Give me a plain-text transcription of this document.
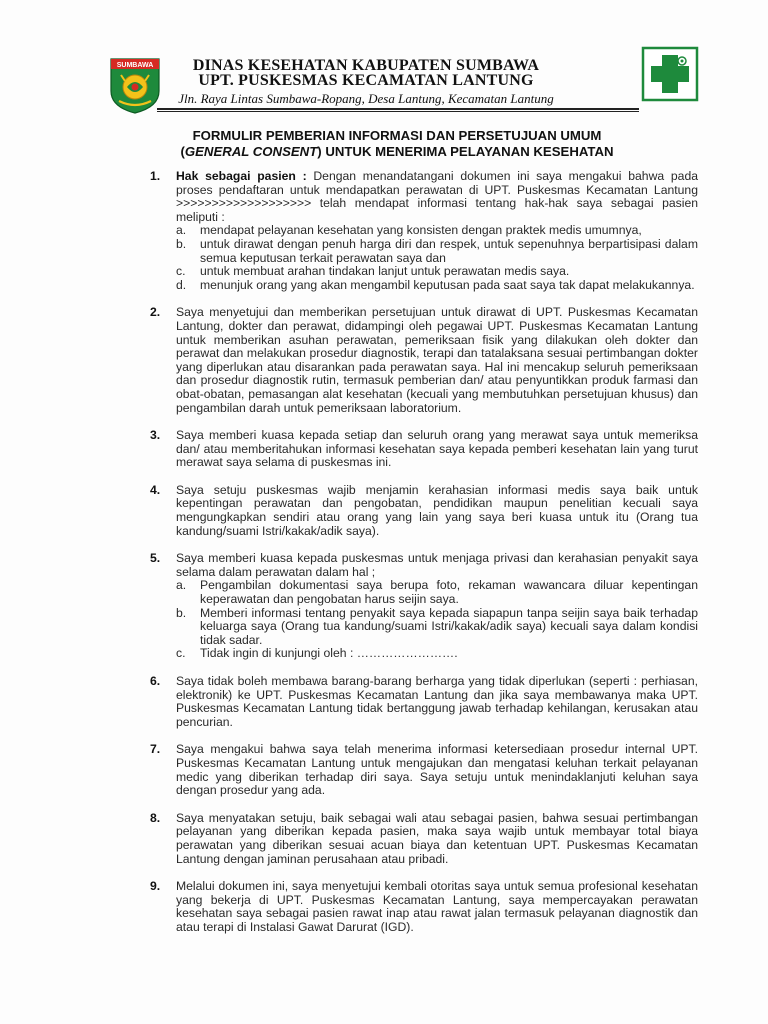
SUMBAWA	DINAS KESEHATAN KABUPATEN SUMBAWA
UPT. PUSKESMAS KECAMATAN LANTUNG
Jln. Raya Lintas Sumbawa-Ropang, Desa Lantung, Kecamatan Lantung
FORMULIR PEMBERIAN INFORMASI DAN PERSETUJUAN UMUM
(GENERAL CONSENT) UNTUK MENERIMA PELAYANAN KESEHATAN
1. Hak sebagai pasien : Dengan menandatangani dokumen ini saya mengakui bahwa pada proses pendaftaran untuk mendapatkan perawatan di UPT. Puskesmas Kecamatan Lantung >>>>>>>>>>>>>>>>>>> telah mendapat informasi tentang hak-hak saya sebagai pasien meliputi :
a. mendapat pelayanan kesehatan yang konsisten dengan praktek medis umumnya,
b. untuk dirawat dengan penuh harga diri dan respek, untuk sepenuhnya berpartisipasi dalam semua keputusan terkait perawatan saya dan
c. untuk membuat arahan tindakan lanjut untuk perawatan medis saya.
d. menunjuk orang yang akan mengambil keputusan pada saat saya tak dapat melakukannya.
2. Saya menyetujui dan memberikan persetujuan untuk dirawat di UPT. Puskesmas Kecamatan Lantung, dokter dan perawat, didampingi oleh pegawai UPT. Puskesmas Kecamatan Lantung untuk memberikan asuhan perawatan, pemeriksaan fisik yang dilakukan oleh dokter dan perawat dan melakukan prosedur diagnostik, terapi dan tatalaksana sesuai pertimbangan dokter yang diperlukan atau disarankan pada perawatan saya. Hal ini mencakup seluruh pemeriksaan dan prosedur diagnostik rutin, termasuk pemberian dan/ atau penyuntikkan produk farmasi dan obat-obatan, pemasangan alat kesehatan (kecuali yang membutuhkan persetujuan khusus) dan pengambilan darah untuk pemeriksaan laboratorium.
3. Saya memberi kuasa kepada setiap dan seluruh orang yang merawat saya untuk memeriksa dan/ atau memberitahukan informasi kesehatan saya kepada pemberi kesehatan lain yang turut merawat saya selama di puskesmas ini.
4. Saya setuju puskesmas wajib menjamin kerahasian informasi medis saya baik untuk kepentingan perawatan dan pengobatan, pendidikan maupun penelitian kecuali saya mengungkapkan sendiri atau orang yang lain yang saya beri kuasa untuk itu (Orang tua kandung/suami Istri/kakak/adik saya).
5. Saya memberi kuasa kepada puskesmas untuk menjaga privasi dan kerahasian penyakit saya selama dalam perawatan dalam hal ;
a. Pengambilan dokumentasi saya berupa foto, rekaman wawancara diluar kepentingan keperawatan dan pengobatan harus seijin saya.
b. Memberi informasi tentang penyakit saya kepada siapapun tanpa seijin saya baik terhadap keluarga saya (Orang tua kandung/suami Istri/kakak/adik saya) kecuali saya dalam kondisi tidak sadar.
c. Tidak ingin di kunjungi oleh : …………………….
6. Saya tidak boleh membawa barang-barang berharga yang tidak diperlukan (seperti : perhiasan, elektronik) ke UPT. Puskesmas Kecamatan Lantung dan jika saya membawanya maka UPT. Puskesmas Kecamatan Lantung tidak bertanggung jawab terhadap kehilangan, kerusakan atau pencurian.
7. Saya mengakui bahwa saya telah menerima informasi ketersediaan prosedur internal UPT. Puskesmas Kecamatan Lantung untuk mengajukan dan mengatasi keluhan terkait pelayanan medic yang diberikan terhadap diri saya. Saya setuju untuk menindaklanjuti keluhan saya dengan prosedur yang ada.
8. Saya menyatakan setuju, baik sebagai wali atau sebagai pasien, bahwa sesuai pertimbangan pelayanan yang diberikan kepada pasien, maka saya wajib untuk membayar total biaya perawatan yang diberikan sesuai acuan biaya dan ketentuan UPT. Puskesmas Kecamatan Lantung dengan jaminan perusahaan atau pribadi.
9. Melalui dokumen ini, saya menyetujui kembali otoritas saya untuk semua profesional kesehatan yang bekerja di UPT. Puskesmas Kecamatan Lantung, saya mempercayakan perawatan kesehatan saya sebagai pasien rawat inap atau rawat jalan termasuk pelayanan diagnostik dan atau terapi di Instalasi Gawat Darurat (IGD).
